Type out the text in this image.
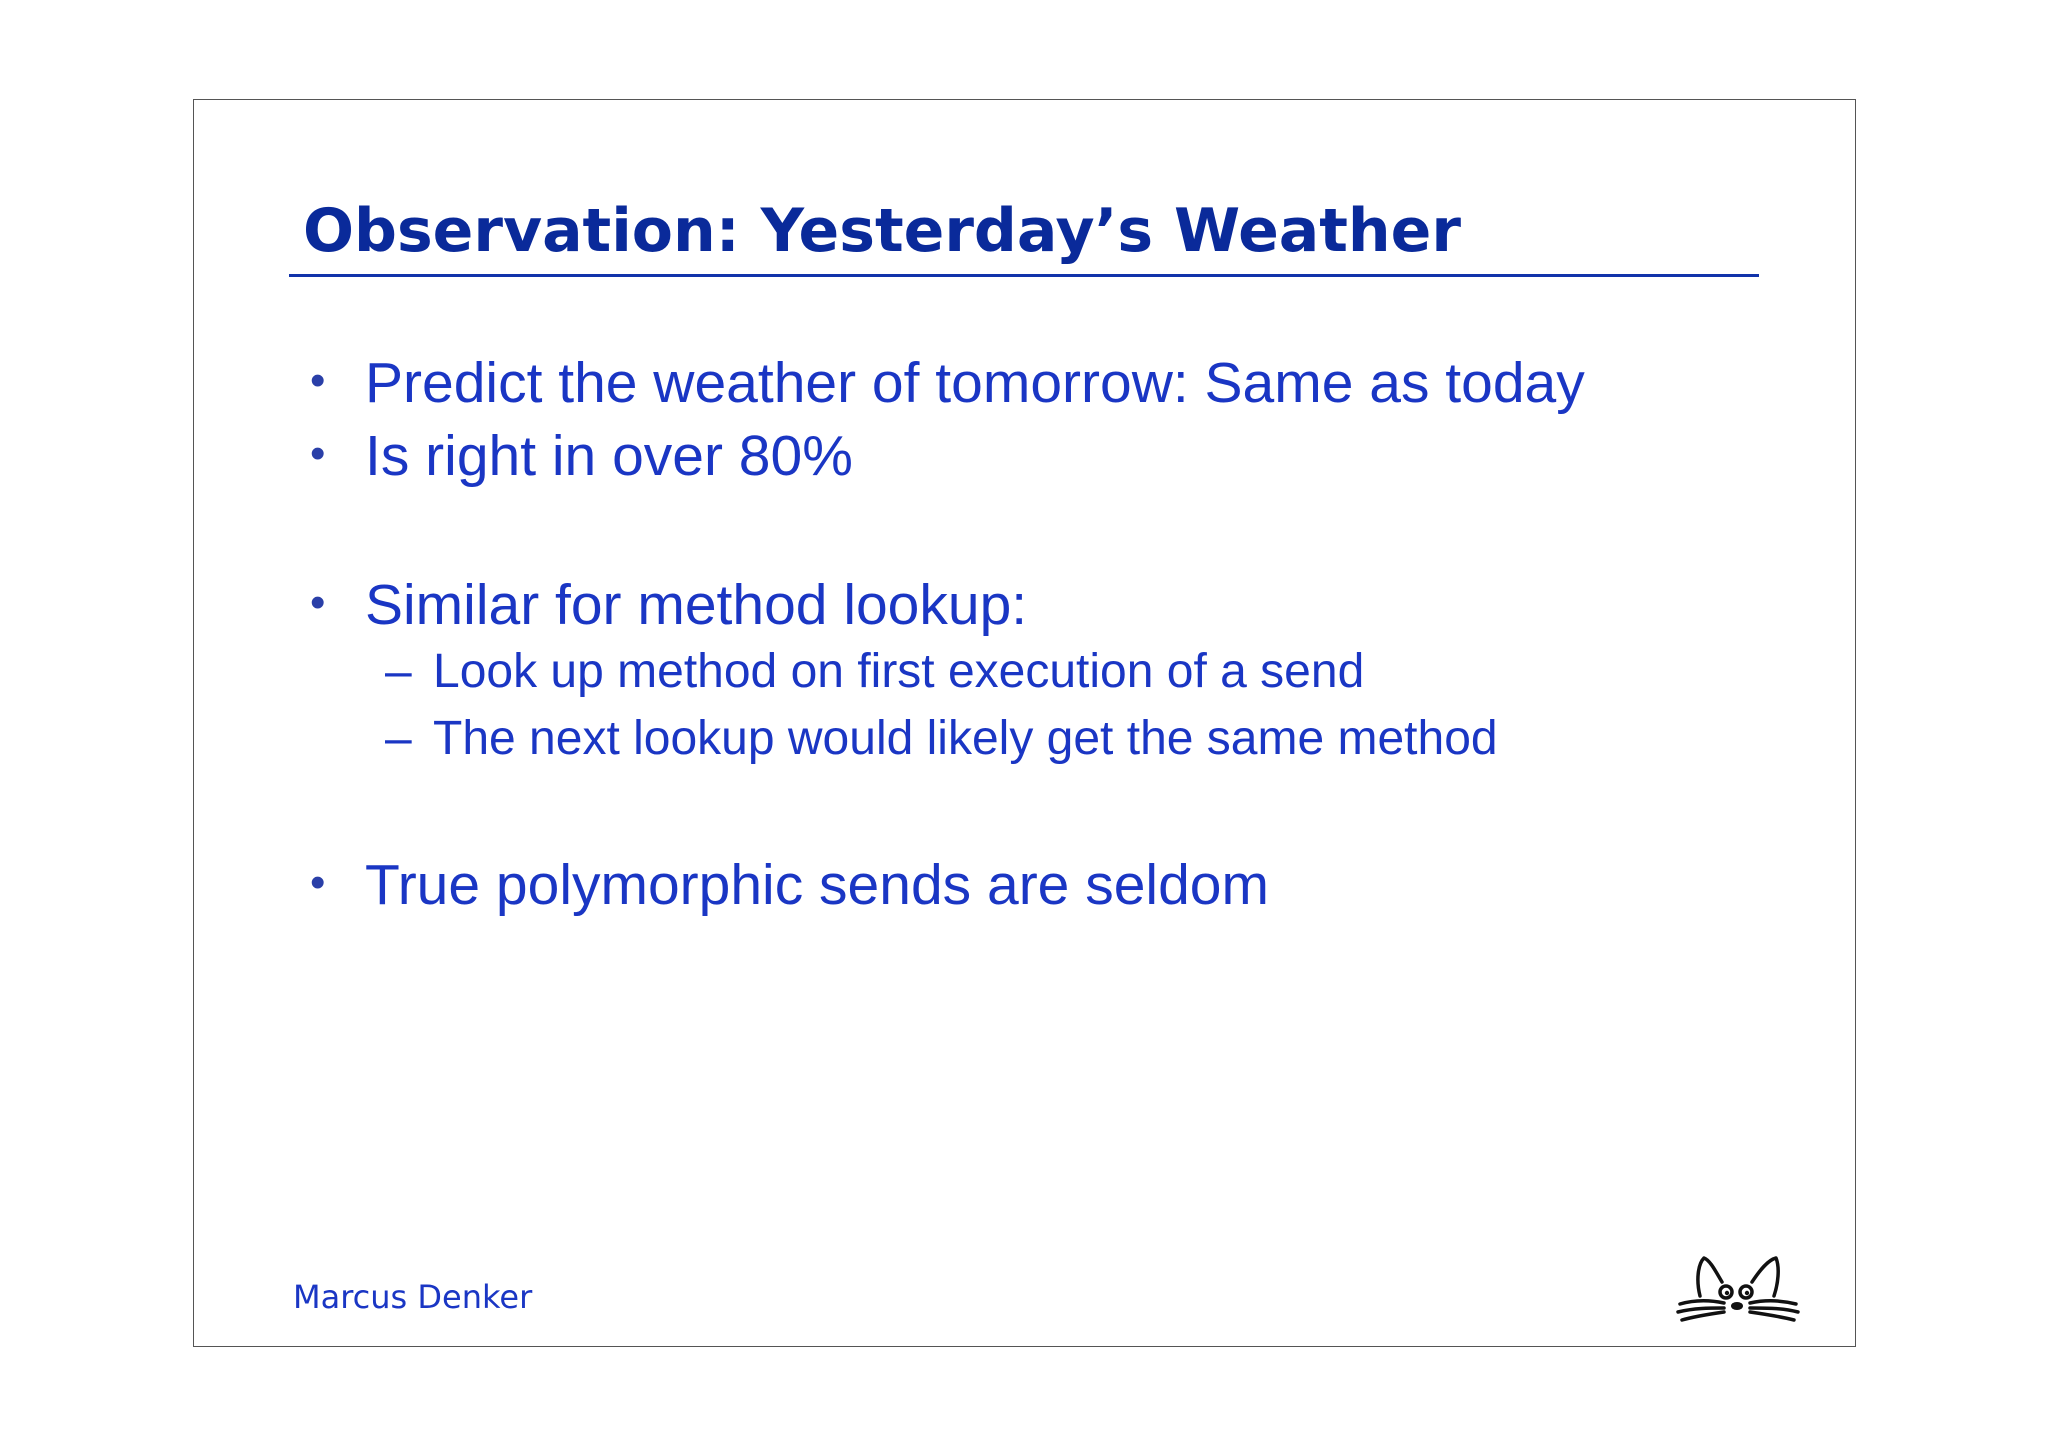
Observation: Yesterday’s Weather
• Predict the weather of tomorrow: Same as today
• Is right in over 80%
• Similar for method lookup:
– Look up method on first execution of a send
– The next lookup would likely get the same method
• True polymorphic sends are seldom
Marcus Denker
